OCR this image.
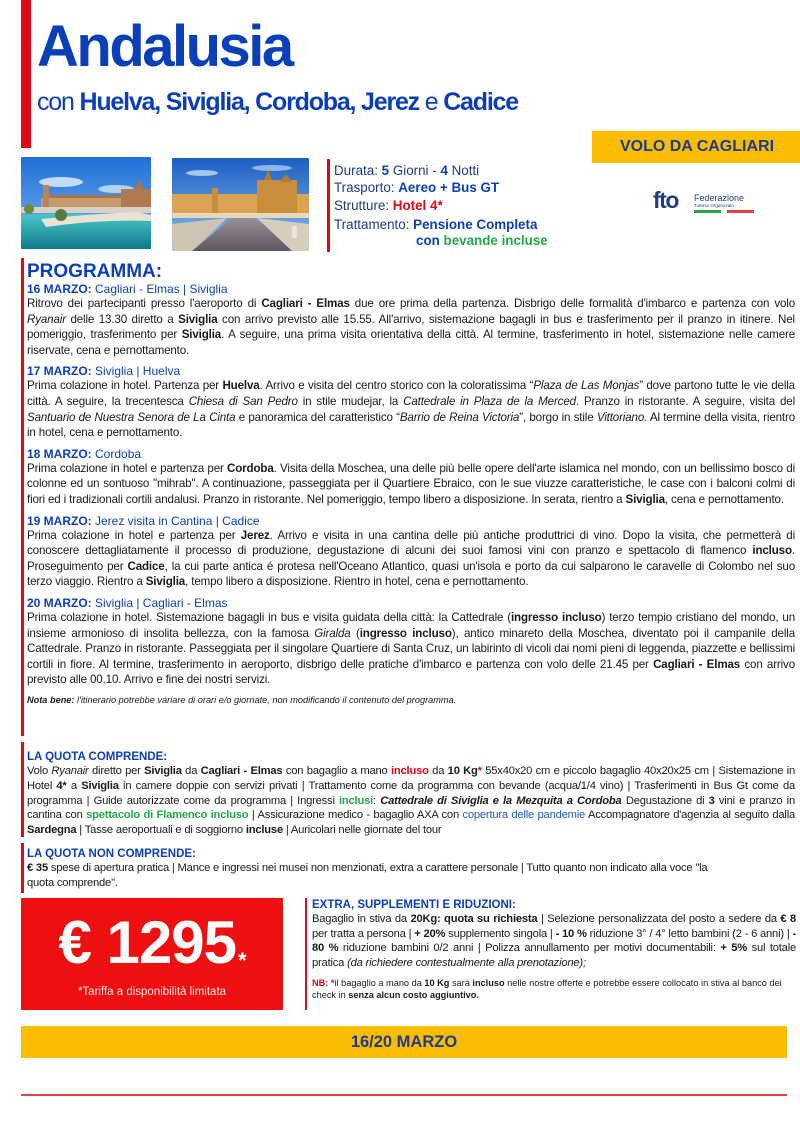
Andalusia
con Huelva, Siviglia, Cordoba, Jerez e Cadice
VOLO DA CAGLIARI
Durata: 5 Giorni - 4 Notti
Trasporto: Aereo + Bus GT
Strutture: Hotel 4*
Trattamento: Pensione Completa
con bevande incluse
fto Federazione
Turismo Organizzato
PROGRAMMA:
16 MARZO: Cagliari - Elmas | Siviglia
Ritrovo dei partecipanti presso l'aeroporto di Cagliari - Elmas due ore prima della partenza. Disbrigo delle formalità d'imbarco e partenza con volo Ryanair delle 13.30 diretto a Siviglia con arrivo previsto alle 15.55. All'arrivo, sistemazione bagagli in bus e trasferimento per il pranzo in itinere. Nel pomeriggio, trasferimento per Siviglia. A seguire, una prima visita orientativa della città. Al termine, trasferimento in hotel, sistemazione nelle camere riservate, cena e pernottamento.
17 MARZO: Siviglia | Huelva
Prima colazione in hotel. Partenza per Huelva. Arrivo e visita del centro storico con la coloratissima “Plaza de Las Monjas” dove partono tutte le vie della città. A seguire, la trecentesca Chiesa di San Pedro in stile mudejar, la Cattedrale in Plaza de la Merced. Pranzo in ristorante. A seguire, visita del Santuario de Nuestra Senora de La Cinta e panoramica del caratteristico “Barrio de Reina Victoria”, borgo in stile Vittoriano. Al termine della visita, rientro in hotel, cena e pernottamento.
18 MARZO: Cordoba
Prima colazione in hotel e partenza per Cordoba. Visita della Moschea, una delle più belle opere dell'arte islamica nel mondo, con un bellissimo bosco di colonne ed un sontuoso "mihrab". A continuazione, passeggiata per il Quartiere Ebraico, con le sue viuzze caratteristiche, le case con i balconi colmi di fiori ed i tradizionali cortili andalusi. Pranzo in ristorante. Nel pomeriggio, tempo libero a disposizione. In serata, rientro a Siviglia, cena e pernottamento.
19 MARZO: Jerez visita in Cantina | Cadice
Prima colazione in hotel e partenza per Jerez. Arrivo e visita in una cantina delle più antiche produttrici di vino. Dopo la visita, che permetterà di conoscere dettagliatamente il processo di produzione, degustazione di alcuni dei suoi famosi vini con pranzo e spettacolo di flamenco incluso. Proseguimento per Cadice, la cui parte antica é protesa nell'Oceano Atlantico, quasi un'isola e porto da cui salparono le caravelle di Colombo nel suo terzo viaggio. Rientro a Siviglia, tempo libero a disposizione. Rientro in hotel, cena e pernottamento.
20 MARZO: Siviglia | Cagliari - Elmas
Prima colazione in hotel. Sistemazione bagagli in bus e visita guidata della città: la Cattedrale (ingresso incluso) terzo tempio cristiano del mondo, un insieme armonioso di insolita bellezza, con la famosa Giralda (ingresso incluso), antico minareto della Moschea, diventato poi il campanile della Cattedrale. Pranzo in ristorante. Passeggiata per il singolare Quartiere di Santa Cruz, un labirinto di vicoli dai nomi pieni di leggenda, piazzette e bellissimi cortili in fiore. Al termine, trasferimento in aeroporto, disbrigo delle pratiche d'imbarco e partenza con volo delle 21.45 per Cagliari - Elmas con arrivo previsto alle 00.10. Arrivo e fine dei nostri servizi.
Nota bene: l'itinerario potrebbe variare di orari e/o giornate, non modificando il contenuto del programma.
LA QUOTA COMPRENDE:
Volo Ryanair diretto per Siviglia da Cagliari - Elmas con bagaglio a mano incluso da 10 Kg* 55x40x20 cm e piccolo bagaglio 40x20x25 cm | Sistemazione in Hotel 4* a Siviglia in camere doppie con servizi privati | Trattamento come da programma con bevande (acqua/1/4 vino) | Trasferimenti in Bus Gt come da programma | Guide autorizzate come da programma | Ingressi inclusi: Cattedrale di Siviglia e la Mezquita a Cordoba Degustazione di 3 vini e pranzo in cantina con spettacolo di Flamenco incluso | Assicurazione medico - bagaglio AXA con copertura delle pandemie Accompagnatore d'agenzia al seguito dalla Sardegna | Tasse aeroportuali e di soggiorno incluse | Auricolari nelle giornate del tour
LA QUOTA NON COMPRENDE:
€ 35 spese di apertura pratica | Mance e ingressi nei musei non menzionati, extra a carattere personale | Tutto quanto non indicato alla voce "la quota comprende".
€ 1295*
*Tariffa a disponibilità limitata
EXTRA, SUPPLEMENTI E RIDUZIONI:
Bagaglio in stiva da 20Kg: quota su richiesta | Selezione personalizzata del posto a sedere da € 8 per tratta a persona | + 20% supplemento singola | - 10 % riduzione 3° / 4° letto bambini (2 - 6 anni) | - 80 % riduzione bambini 0/2 anni | Polizza annullamento per motivi documentabili: + 5% sul totale pratica (da richiedere contestualmente alla prenotazione);
NB: *il bagaglio a mano da 10 Kg sarà incluso nelle nostre offerte e potrebbe essere collocato in stiva al banco dei check in senza alcun costo aggiuntivo.
16/20 MARZO
